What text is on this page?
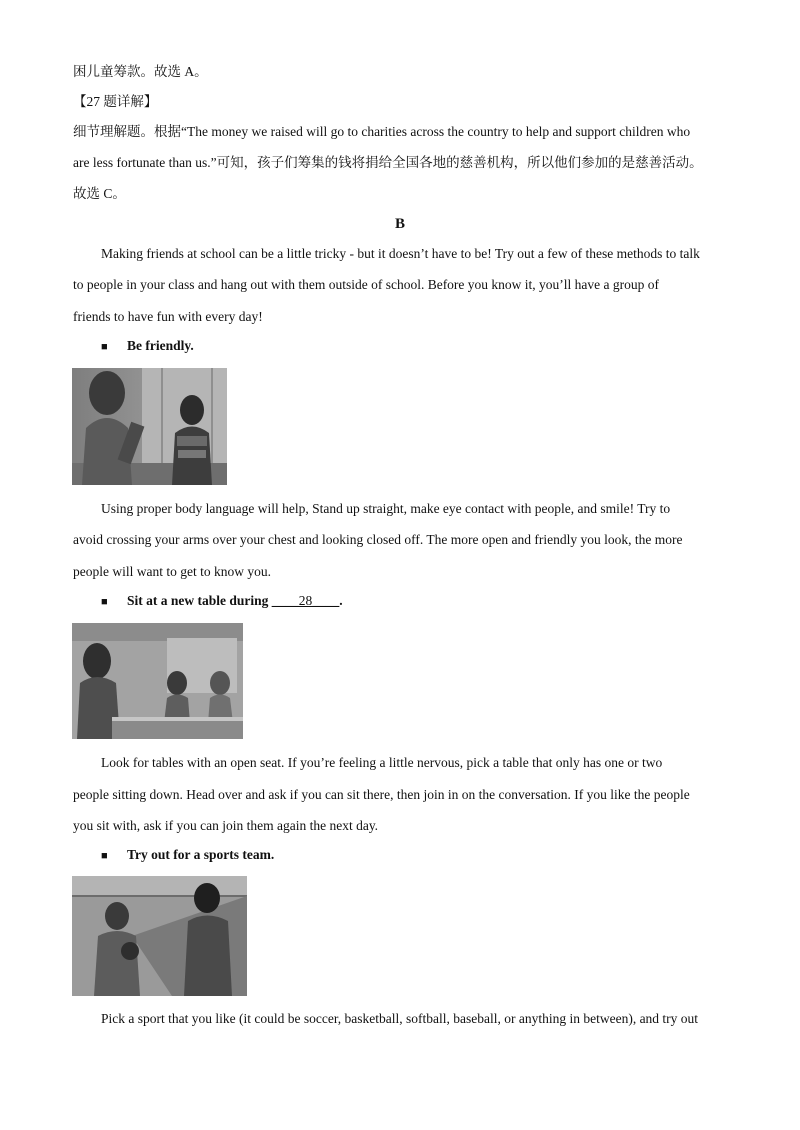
困儿童筹款。故选 A。
【27 题详解】
细节理解题。根据“The money we raised will go to charities across the country to help and support children who
are less fortunate than us.”可知，孩子们筹集的钱将捐给全国各地的慈善机构，所以他们参加的是慈善活动。
故选 C。
B
Making friends at school can be a little tricky - but it doesn’t have to be! Try out a few of these methods to talk
to people in your class and hang out with them outside of school. Before you know it, you’ll have a group of
friends to have fun with every day!
■ Be friendly.
Using proper body language will help, Stand up straight, make eye contact with people, and smile! Try to
avoid crossing your arms over your chest and looking closed off. The more open and friendly you look, the more
people will want to get to know you.
■ Sit at a new table during ____28____.
Look for tables with an open seat. If you’re feeling a little nervous, pick a table that only has one or two
people sitting down. Head over and ask if you can sit there, then join in on the conversation. If you like the people
you sit with, ask if you can join them again the next day.
■ Try out for a sports team.
Pick a sport that you like (it could be soccer, basketball, softball, baseball, or anything in between), and try out
